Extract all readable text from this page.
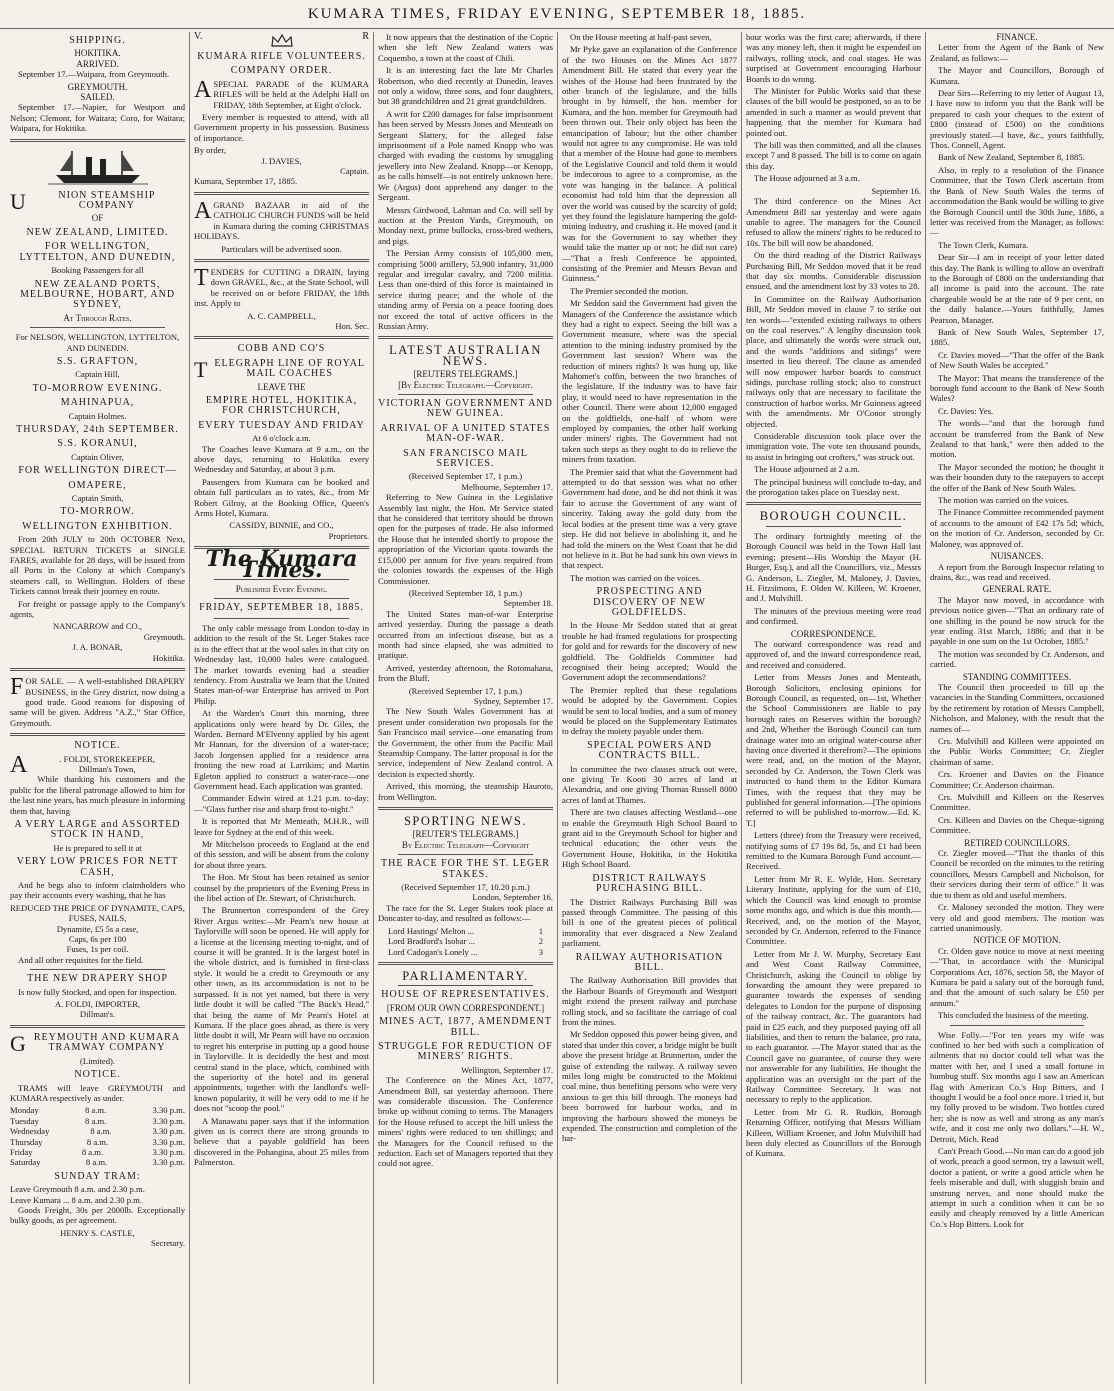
KUMARA TIMES, FRIDAY EVENING, SEPTEMBER 18, 1885.
SHIPPING.
HOKITIKA.
ARRIVED.

September 17.—Waipara, from Greymouth.

GREYMOUTH.
SAILED.

September 17.—Napier, for Westport and Nelson; Clemont, for Waitara; Coro, for Waitara; Waipara, for Hokitika.

U	NION STEAMSHIP COMPANY
OF
NEW ZEALAND, LIMITED.
FOR WELLINGTON, LYTTELTON, AND DUNEDIN,
Booking Passengers for all
NEW ZEALAND PORTS, MELBOURNE, HOBART, AND SYDNEY,
At Through Rates.
For NELSON, WELLINGTON, LYTTELTON, AND DUNEDIN.
S.S. GRAFTON,
Captain Hill,
TO-MORROW EVENING.
MAHINAPUA,
Captain Holmes.
THURSDAY, 24th SEPTEMBER.
S.S. KORANUI,
Captain Oliver,
FOR WELLINGTON DIRECT—
OMAPERE,
Captain Smith,
TO-MORROW.
WELLINGTON EXHIBITION.

From 20th JULY to 20th OCTOBER Next, SPECIAL RETURN TICKETS at SINGLE FARES, available for 28 days, will be issued from all Ports in the Colony at which Company's steamers call, to Wellington. Holders of these Tickets cannot break their journey en route.

For freight or passage apply to the Company's agents,

NANCARROW and CO.,
Greymouth.
J. A. BONAR,
Hokitika.

FOR SALE. — A well-established DRAPERY BUSINESS, in the Grey district, now doing a good trade. Good reasons for disposing of same will be given. Address "A.Z.," Star Office, Greymouth.

NOTICE.
A	. FOLDI, STOREKEEPER,
Dillman's Town,

While thanking his customers and the public for the liberal patronage allowed to him for the last nine years, has much pleasure in informing them that, having

A VERY LARGE and ASSORTED STOCK IN HAND,
He is prepared to sell it at
VERY LOW PRICES FOR NETT CASH,

And he begs also to inform claimholders who pay their accounts every washing, that he has

REDUCED THE PRICE OF DYNAMITE, CAPS, FUSES, NAILS,
Dynamite, £5 5s a case,
Caps, 6s per 100
Fuses, 1s per coil.

And all other requisites for the field.

THE NEW DRAPERY SHOP

Is now fully Stocked, and open for inspection.

A. FOLDI, IMPORTER,
Dillman's.
GREYMOUTH AND KUMARA TRAMWAY COMPANY
(Limited).
NOTICE.

TRAMS will leave GREYMOUTH and KUMARA respectively as under.

Monday	8 a.m.	3.30 p.m.
Tuesday	8 a.m.	3.30 p.m.
Wednesday	8 a.m.	3.30 p.m.
Thursday	8 a.m.	3.30 p.m.
Friday	8 a.m.	3.30 p.m.
Saturday	8 a.m.	3.30 p.m.
SUNDAY TRAM:
Leave Greymouth 8 a.m. and 2.30 p.m.
Leave Kumara ... 8 a.m. and 2.30 p.m.

Goods Freight, 30s per 2000lb. Exceptionally bulky goods, as per agreement.

HENRY S. CASTLE,
Secretary.
V.	R
KUMARA RIFLE VOLUNTEERS.
COMPANY ORDER.

ASPECIAL PARADE of the KUMARA RIFLES will be held at the Adelphi Hall on FRIDAY, 18th September, at Eight o'clock.

Every member is requested to attend, with all Government property in his possession. Business of importance.

By order,
J. DAVIES,
Captain.
Kumara, September 17, 1885.

AGRAND BAZAAR in aid of the CATHOLIC CHURCH FUNDS will be held in Kumara during the coming CHRISTMAS HOLIDAYS.

Particulars will be advertised soon.

TENDERS for CUTTING a DRAIN, laying down GRAVEL, &c., at the State School, will be received on or before FRIDAY, the 18th inst. Apply to

A. C. CAMPBELL,
Hon. Sec.
COBB AND CO'S
TELEGRAPH LINE OF ROYAL MAIL COACHES
LEAVE THE
EMPIRE HOTEL, HOKITIKA, FOR CHRISTCHURCH,
EVERY TUESDAY AND FRIDAY
At 6 o'clock a.m.

The Coaches leave Kumara at 9 a.m., on the above days, returning to Hokitika every Wednesday and Saturday, at about 3 p.m.

Passengers from Kumara can be booked and obtain full particulars as to rates, &c., from Mr Robert Gilroy, at the Booking Office, Queen's Arms Hotel, Kumara.

CASSIDY, BINNIE, and CO.,
Proprietors.
The Kumara Times.
Published Every Evening.
FRIDAY, SEPTEMBER 18, 1885.

The only cable message from London to-day in addition to the result of the St. Leger Stakes race is to the effect that at the wool sales in that city on Wednesday last, 10,000 bales were catalogued. The market towards evening had a steadier tendency. From Australia we learn that the United States man-of-war Enterprise has arrived in Port Philip.

At the Warden's Court this morning, three applications only were heard by Dr. Giles, the Warden. Bernard M'Elvenny applied by his agent Mr Hannan, for the diversion of a water-race; Jacob Jorgensen applied for a residence area fronting the new road at Larrikins; and Martin Egleton applied to construct a water-race—one Government head. Each application was granted.

Commander Edwin wired at 1.21 p.m. to-day:—"Glass further rise and sharp frost to-night."

It is reported that Mr Menteath, M.H.R., will leave for Sydney at the end of this week.

Mr Mitchelson proceeds to England at the end of this session, and will be absent from the colony for about three years.

The Hon. Mr Stout has been retained as senior counsel by the proprietors of the Evening Press in the libel action of Dr. Stewart, of Christchurch.

The Brunnerton correspondent of the Grey River Argus writes:—Mr Pearn's new house at Taylorville will soon be opened. He will apply for a license at the licensing meeting to-night, and of course it will be granted. It is the largest hotel in the whole district, and is furnished in first-class style. It would be a credit to Greymouth or any other town, as its accommodation is not to be surpassed. It is not yet named, but there is very little doubt it will be called "The Buck's Head," that being the name of Mr Pearn's Hotel at Kumara. If the place goes ahead, as there is very little doubt it will, Mr Pearn will have no occasion to regret his enterprise in putting up a good house in Taylorville. It is decidedly the best and most central stand in the place, which, combined with the superiority of the hotel and its general appointments, together with the landlord's well-known popularity, it will be very odd to me if he does not "scoop the pool."

A Manawatu paper says that if the information given us is correct there are strong grounds to believe that a payable goldfield has been discovered in the Pohangina, about 25 miles from Palmerston.

It now appears that the destination of the Coptic when she left New Zealand waters was Coquembo, a town at the coast of Chili.

It is an interesting fact the late Mr Charles Robertson, who died recently at Dunedin, leaves not only a widow, three sons, and four daughters, but 38 grandchildren and 21 great grandchildren.

A writ for £200 damages for false imprisonment has been served by Messrs Jones and Menteath on Sergeant Slattery, for the alleged false imprisonment of a Pole named Knopp who was charged with evading the customs by smuggling jewellery into New Zealand. Knopp—or Kenopp, as he calls himself—is not entirely unknown here. We (Argus) dont apprehend any danger to the Sergeant.

Messrs Girdwood, Lahman and Co. will sell by auction at the Preston Yards, Greymouth, on Monday next, prime bullocks, cross-bred wethers, and pigs.

The Persian Army consists of 105,000 men, comprising 5000 artillery, 53,900 infantry, 31,000 regular and irregular cavalry, and 7200 militia. Less than one-third of this force is maintained in service during peace; and the whole of the standing army of Persia on a peace footing does not exceed the total of active officers in the Russian Army.

LATEST AUSTRALIAN NEWS.
[REUTERS TELEGRAMS.]
[By Electric Telegraph.—Copyright.
VICTORIAN GOVERNMENT AND NEW GUINEA.
ARRIVAL OF A UNITED STATES MAN-OF-WAR.
SAN FRANCISCO MAIL SERVICES.
(Received September 17, 1 p.m.)
Melbourne, September 17.

Referring to New Guinea in the Legislative Assembly last night, the Hon. Mr Service stated that he considered that territory should be thrown open for the purposes of trade. He also informed the House that he intended shortly to propose the appropriation of the Victorian quota towards the £15,000 per annum for five years required from the colonies towards the expenses of the High Commissioner.

(Received September 18, 1 p.m.)
September 18.

The United States man-of-war Enterprise arrived yesterday. During the passage a death occurred from an infectious disease, but as a month had since elapsed, she was admitted to pratique.

Arrived, yesterday afternoon, the Rotomahana, from the Bluff.

(Received September 17, 1 p.m.)
Sydney, September 17.

The New South Wales Government has at present under consideration two proposals for the San Francisco mail service—one emanating from the Government, the other from the Pacific Mail Steamship Company. The latter proposal is for the service, independent of New Zealand control. A decision is expected shortly.

Arrived, this morning, the steamship Hauroto, from Wellington.

SPORTING NEWS.
[REUTER'S TELEGRAMS.]
By Electric Telegraph—Copyright
THE RACE FOR THE ST. LEGER STAKES.
(Received September 17, 10.20 p.m.)
London, September 16.

The race for the St. Leger Stakes took place at Doncaster to-day, and resulted as follows:—

Lord Hastings' Melton ...	1
Lord Bradford's Isobar ...	2
Lord Cadogan's Lonely ...	3
PARLIAMENTARY.
HOUSE OF REPRESENTATIVES.
[FROM OUR OWN CORRESPONDENT.]
MINES ACT, 1877, AMENDMENT BILL.
STRUGGLE FOR REDUCTION OF MINERS' RIGHTS.
Wellington, September 17.

The Conference on the Mines Act, 1877, Amendment Bill, sat yesterday afternoon. There was considerable discussion. The Conference broke up without coming to terms. The Managers for the House refused to accept the bill unless the miners' rights were reduced to ten shillings; and the Managers for the Council refused to the reduction. Each set of Managers reported that they could not agree.

On the House meeting at half-past seven,

Mr Pyke gave an explanation of the Conference of the two Houses on the Mines Act 1877 Amendment Bill. He stated that every year the wishes of the House had been frustrated by the other branch of the legislature, and the bills brought in by himself, the hon. member for Kumara, and the hon. member for Greymouth had been thrown out. Their only object has been the emancipation of labour; but the other chamber would not agree to any compromise. He was told that a member of the House had gone to members of the Legislative Council and told them it would be indecorous to agree to a compromise, as the vote was hanging in the balance. A political economist had told him that the depression all over the world was caused by the scarcity of gold; yet they found the legislature hampering the gold-mining industry, and crushing it. He moved (and it was for the Government to say whether they would take the matter up or not; he did not care)—"That a fresh Conference be appointed, consisting of the Premier and Messrs Bevan and Guinness."

The Premier seconded the motion.

Mr Seddon said the Government had given the Managers of the Conference the assistance which they had a right to expect. Seeing the bill was a Government measure, where was the special attention to the mining industry promised by the Government last session? Where was the reduction of miners rights? It was hung up, like Mahomet's coffin, between the two branches of the legislature. If the industry was to have fair play, it would need to have representation in the other Council. There were about 12,000 engaged on the goldfields, one-half of whom were employed by companies, the other half working under miners' rights. The Government had not taken such steps as they ought to do to relieve the miners from taxation.

The Premier said that what the Government had attempted to do that session was what no other Government had done, and he did not think it was fair to accuse the Government of any want of sincerity. Taking away the gold duty from the local bodies at the present time was a very grave step. He did not believe in abolishing it, and he had told the miners on the West Coast that he did not believe in it. But he had sunk his own views in that respect.

The motion was carried on the voices.

PROSPECTING AND DISCOVERY OF NEW GOLDFIELDS.

In the House Mr Seddon stated that at great trouble he had framed regulations for prospecting for gold and for rewards for the discovery of new goldfield. The Goldfields Committee had recognised their being accepted; Would the Government adopt the recommendations?

The Premier replied that these regulations would be adopted by the Government. Copies would be sent to local bodies, and a sum of money would be placed on the Supplementary Estimates to defray the moiety payable under them.

SPECIAL POWERS AND CONTRACTS BILL.

In committee the two clauses struck out were, one giving Te Kooti 30 acres of land at Alexandria, and one giving Thomas Russell 8000 acres of land at Thames.

There are two clauses affecting Westland—one to enable the Greymouth High School Board to grant aid to the Greymouth School for higher and technical education; the other vests the Government House, Hokitika, in the Hokitika High School Board.

DISTRICT RAILWAYS PURCHASING BILL.

The District Railways Purchasing Bill was passed through Committee. The passing of this bill is one of the greatest pieces of political immorality that ever disgraced a New Zealand parliament.

RAILWAY AUTHORISATION BILL.

The Railway Authorisation Bill provides that the Harbour Boards of Greymouth and Westport might extend the present railway and purchase rolling stock, and so facilitate the carriage of coal from the mines.

Mr Seddon opposed this power being given, and stated that under this cover, a bridge might be built above the present bridge at Brunnerton, under the guise of extending the railway. A railway seven miles long might be constructed to the Mokinui coal mine, thus benefiting persons who were very anxious to get this bill through. The moneys had been borrowed for harbour works, and in improving the harbours showed the moneys be expended. The construction and completion of the har-

bour works was the first care; afterwards, if there was any money left, then it might be expended on railways, rolling stock, and coal stages. He was surprised at Government encouraging Harbour Boards to do wrong.

The Minister for Public Works said that these clauses of the bill would be postponed, so as to be amended in such a manner as would prevent that happening that the member for Kumara had pointed out.

The bill was then committed, and all the clauses except 7 and 8 passed. The bill is to come on again this day.

The House adjourned at 3 a.m.

September 16.

The third conference on the Mines Act Amendment Bill sat yesterday and were again unable to agree. The managers for the Council refused to allow the miners' rights to be reduced to 10s. The bill will now be abandoned.

On the third reading of the District Railways Purchasing Bill, Mr Seddon moved that it be read that day six months. Considerable discussion ensued, and the amendment lost by 33 votes to 28.

In Committee on the Railway Authorisation Bill, Mr Seddon moved in clause 7 to strike out ten words—"extended existing railways to others on the coal reserves." A lengthy discussion took place, and ultimately the words were struck out, and the words "additions and sidings" were inserted in lieu thereof. The clause as amended will now empower harbor boards to construct sidings, purchase rolling stock; also to construct railways only that are necessary to facilitate the construction of harbor works. Mr Guinness agreed with the amendments. Mr O'Conor strongly objected.

Considerable discussion took place over the immigration vote. The vote ten thousand pounds, to assist in bringing out crofters," was struck out.

The House adjourned at 2 a.m.

The principal business will conclude to-day, and the prorogation takes place on Tuesday next.

BOROUGH COUNCIL.

The ordinary fortnightly meeting of the Borough Council was held in the Town Hall last evening; present—His Worship the Mayor (H. Burger, Esq.), and all the Councillors, viz., Messrs G. Anderson, L. Ziegler, M. Maloney, J. Davies, H. Fitzsimons, F. Olden W. Killeen, W. Kroener, and J. Mulvihill.

The minutes of the previous meeting were read and confirmed.

CORRESPONDENCE.

The outward correspondence was read and approved of, and the inward correspondence read, and received and considered.

Letter from Messrs Jones and Menteath, Borough Solicitors, enclosing opinions for Borough Council, as requested, on—1st, Whether the School Commissioners are liable to pay borough rates on Reserves within the borough? and 2nd, Whether the Borough Council can turn drainage water into an original water-course after having once diverted it therefrom?—The opinions were read, and, on the motion of the Mayor, seconded by Cr. Anderson, the Town Clerk was instructed to hand them to the Editor Kumara Times, with the request that they may be published for general information.—[The opinions referred to will be published to-morrow.—Ed. K. T.]

Letters (three) from the Treasury were received, notifying sums of £7 19s 8d, 5s, and £1 had been remitted to the Kumara Borough Fund account.—Received.

Letter from Mr R. E. Wylde, Hon. Secretary Literary Institute, applying for the sum of £10, which the Council was kind enough to promise some months ago, and which is due this month.—Received, and, on the motion of the Mayor, seconded by Cr. Anderson, referred to the Finance Committee.

Letter from Mr J. W. Murphy, Secretary East and West Coast Railway Committee, Christchurch, asking the Council to oblige by forwarding the amount they were prepared to guarantee towards the expenses of sending delegates to London for the purpose of disposing of the railway contract, &c. The guarantors had paid in £25 each, and they purposed paying off all liabilities, and then to return the balance, pro rata, to each guarantor. —The Mayor stated that as the Council gave no guarantee, of course they were not answerable for any liabilities. He thought the application was an oversight on the part of the Railway Committee Secretary. It was not necessary to reply to the application.

Letter from Mr G. R. Rudkin, Borough Returning Officer, notifying that Messrs William Killeen, William Kroener, and John Mulvihill had been duly elected as Councillors of the Borough of Kumara.

FINANCE.

Letter from the Agent of the Bank of New Zealand, as follows:—

The Mayor and Councillors, Borough of Kumara.

Dear Sirs—Referring to my letter of August 13, I have now to inform you that the Bank will be prepared to cash your cheques to the extent of £800 (instead of £500) on the conditions previously stated.—I have, &c., yours faithfully, Thos. Connell, Agent.

Bank of New Zealand, September 8, 1885.

Also, in reply to a resolution of the Finance Committee, that the Town Clerk ascertain from the Bank of New South Wales the terms of accommodation the Bank would be willing to give the Borough Council until the 30th June, 1886, a letter was received from the Manager, as follows:—

The Town Clerk, Kumara.

Dear Sir—I am in receipt of your letter dated this day. The Bank is willing to allow an overdraft to the Borough of £800 on the understanding that all income is paid into the account. The rate chargeable would be at the rate of 9 per cent, on the daily balance.—Yours faithfully, James Pearson, Manager.

Bank of New South Wales, September 17, 1885.

Cr. Davies moved—"That the offer of the Bank of New South Wales be accepted."

The Mayor: That means the transference of the borough fund account to the Bank of New South Wales?

Cr. Davies: Yes.

The words—"and that the borough fund account be transferred from the Bank of New Zealand to that bank," were then added to the motion.

The Mayor seconded the motion; he thought it was their bounden duty to the ratepayers to accept the offer of the Bank of New South Wales.

The motion was carried on the voices.

The Finance Committee recommended payment of accounts to the amount of £42 17s 5d; which, on the motion of Cr. Anderson, seconded by Cr. Maloney, was approved of.

NUISANCES.

A report from the Borough Inspector relating to drains, &c., was read and received.

GENERAL RATE.

The Mayor now moved, in accordance with previous notice given—"That an ordinary rate of one shilling in the pound be now struck for the year ending 31st March, 1886; and that it be payable in one sum on the 1st October, 1885."

The motion was seconded by Cr. Anderson, and carried.

STANDING COMMITTEES.

The Council then proceeded to fill up the vacancies in the Standing Committees, occasioned by the retirement by rotation of Messrs Campbell, Nicholson, and Maloney, with the result that the names of—

Crs. Mulvihill and Killeen were appointed on the Public Works Committee; Cr. Ziegler chairman of same.

Crs. Kroener and Davies on the Finance Committee; Cr. Anderson chairman.

Crs. Mulvihill and Killeen on the Reserves Committee.

Crs. Killeen and Davies on the Cheque-signing Committee.

RETIRED COUNCILLORS.

Cr. Ziegler moved—"That the thanks of this Council be recorded on the minutes to the retiring councillors, Messrs Campbell and Nicholson, for their services during their term of office." It was due to them as old and useful members.

Cr. Maloney seconded the motion. They were very old and good members. The motion was carried unanimously.

NOTICE OF MOTION.

Cr. Olden gave notice to move at next meeting—"That, in accordance with the Municipal Corporations Act, 1876, section 58, the Mayor of Kumara be paid a salary out of the borough fund, and that the amount of such salary be £50 per annum."

This concluded the business of the meeting.

Wise Folly.—"For ten years my wife was confined to her bed with such a complication of ailments that no doctor could tell what was the matter with her, and I used a small fortune in humbug stuff. Six months ago I saw an American flag with American Co.'s Hop Bitters, and I thought I would be a fool once more. I tried it, but my folly proved to be wisdom. Two bottles cured her; she is now as well and strong as any man's wife, and it cost me only two dollars."—H. W., Detroit, Mich. Read

Can't Preach Good.—No man can do a good job of work, preach a good sermon, try a lawsuit well, doctor a patient, or write a good article when he feels miserable and dull, with sluggish brain and unstrung nerves, and none should make the attempt in such a condition when it can be so easily and cheaply removed by a little American Co.'s Hop Bitters. Look for
